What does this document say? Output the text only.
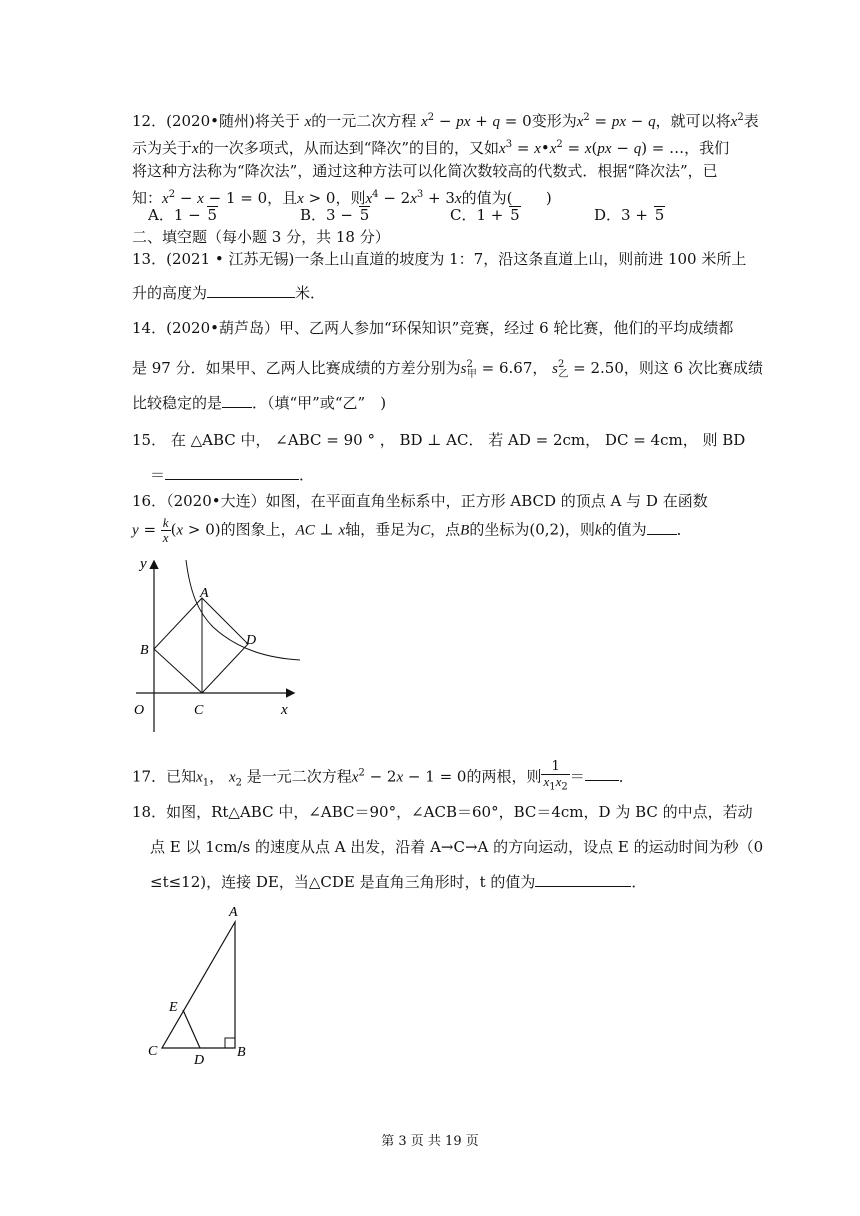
12．(2020•随州)将关于 x的一元二次方程 $x^2$ − px + q = 0变形为$x^2$ = px − q，就可以将$x^2$表
示为关于x的一次多项式，从而达到“降次”的目的，又如$x^3$ = $x•x^2 = x(px - q)$ = …，我们
将这种方法称为“降次法”，通过这种方法可以化简次数较高的代数式．根据“降次法”，已
知：$x^2 - x - 1 = 0$，且x > 0，则$x^4 - 2x^3 + 3x$的值为( )
A．1 − 5	B．3 − 5	C．1 + 5	D．3 + 5
二、填空题（每小题 3 分，共 18 分）
13．(2021 • 江苏无锡)一条上山直道的坡度为 1：7，沿这条直道上山，则前进 100 米所上
升的高度为	米．
14．(2020•葫芦岛）甲、乙两人参加“环保知识”竞赛，经过 6 轮比赛，他们的平均成绩都
是 97 分．如果甲、乙两人比赛成绩的方差分别为$s^2_甲 = 6.67$， $s^2_乙 = 2.50$，则这 6 次比赛成绩
比较稳定的是 ．（填“甲”或“乙”　)
15． 在 △ABC 中， ∠ABC = 90 ° ， BD ⊥ AC． 若 AD = 2cm， DC = 4cm， 则 BD
＝	．
16．（2020•大连）如图，在平面直角坐标系中，正方形 ABCD 的顶点 A 与 D 在函数
$y = \frac{k}{x} (x > 0)$的图象上，AC ⊥ x轴，垂足为C，点B的坐标为(0,2)，则k的值为 ．
y
A
B
D
O	C	x
17．已知$x_1$， $x_2$ 是一元二次方程$x^2 - 2x - 1 = 0$的两根，则 $\frac{1}{x_1x_2}$ ＝ ．
18．如图，Rt△ABC 中，∠ABC＝90°，∠ACB＝60°，BC＝4cm，D 为 BC 的中点，若动
点 E 以 1cm/s 的速度从点 A 出发，沿着 A→C→A 的方向运动，设点 E 的运动时间为秒（0
≤t≤12)，连接 DE，当△CDE 是直角三角形时，t 的值为	．
A
E
C
D
B
第 3 页 共 19 页
